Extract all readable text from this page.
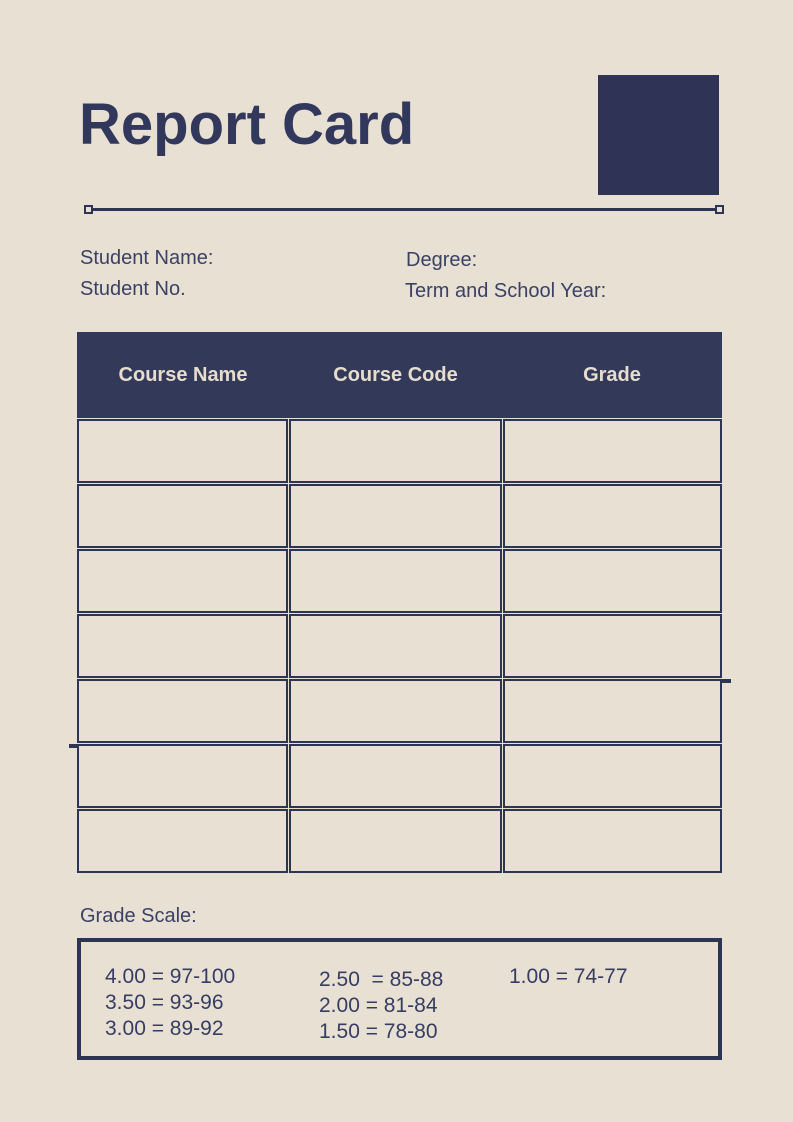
Report Card
Student Name:
Student No.
Degree:
Term and School Year:
Course Name	Course Code	Grade
Grade Scale:
4.00 = 97-100
3.50 = 93-96
3.00 = 89-92
2.50  = 85-88
2.00 = 81-84
1.50 = 78-80
1.00 = 74-77
